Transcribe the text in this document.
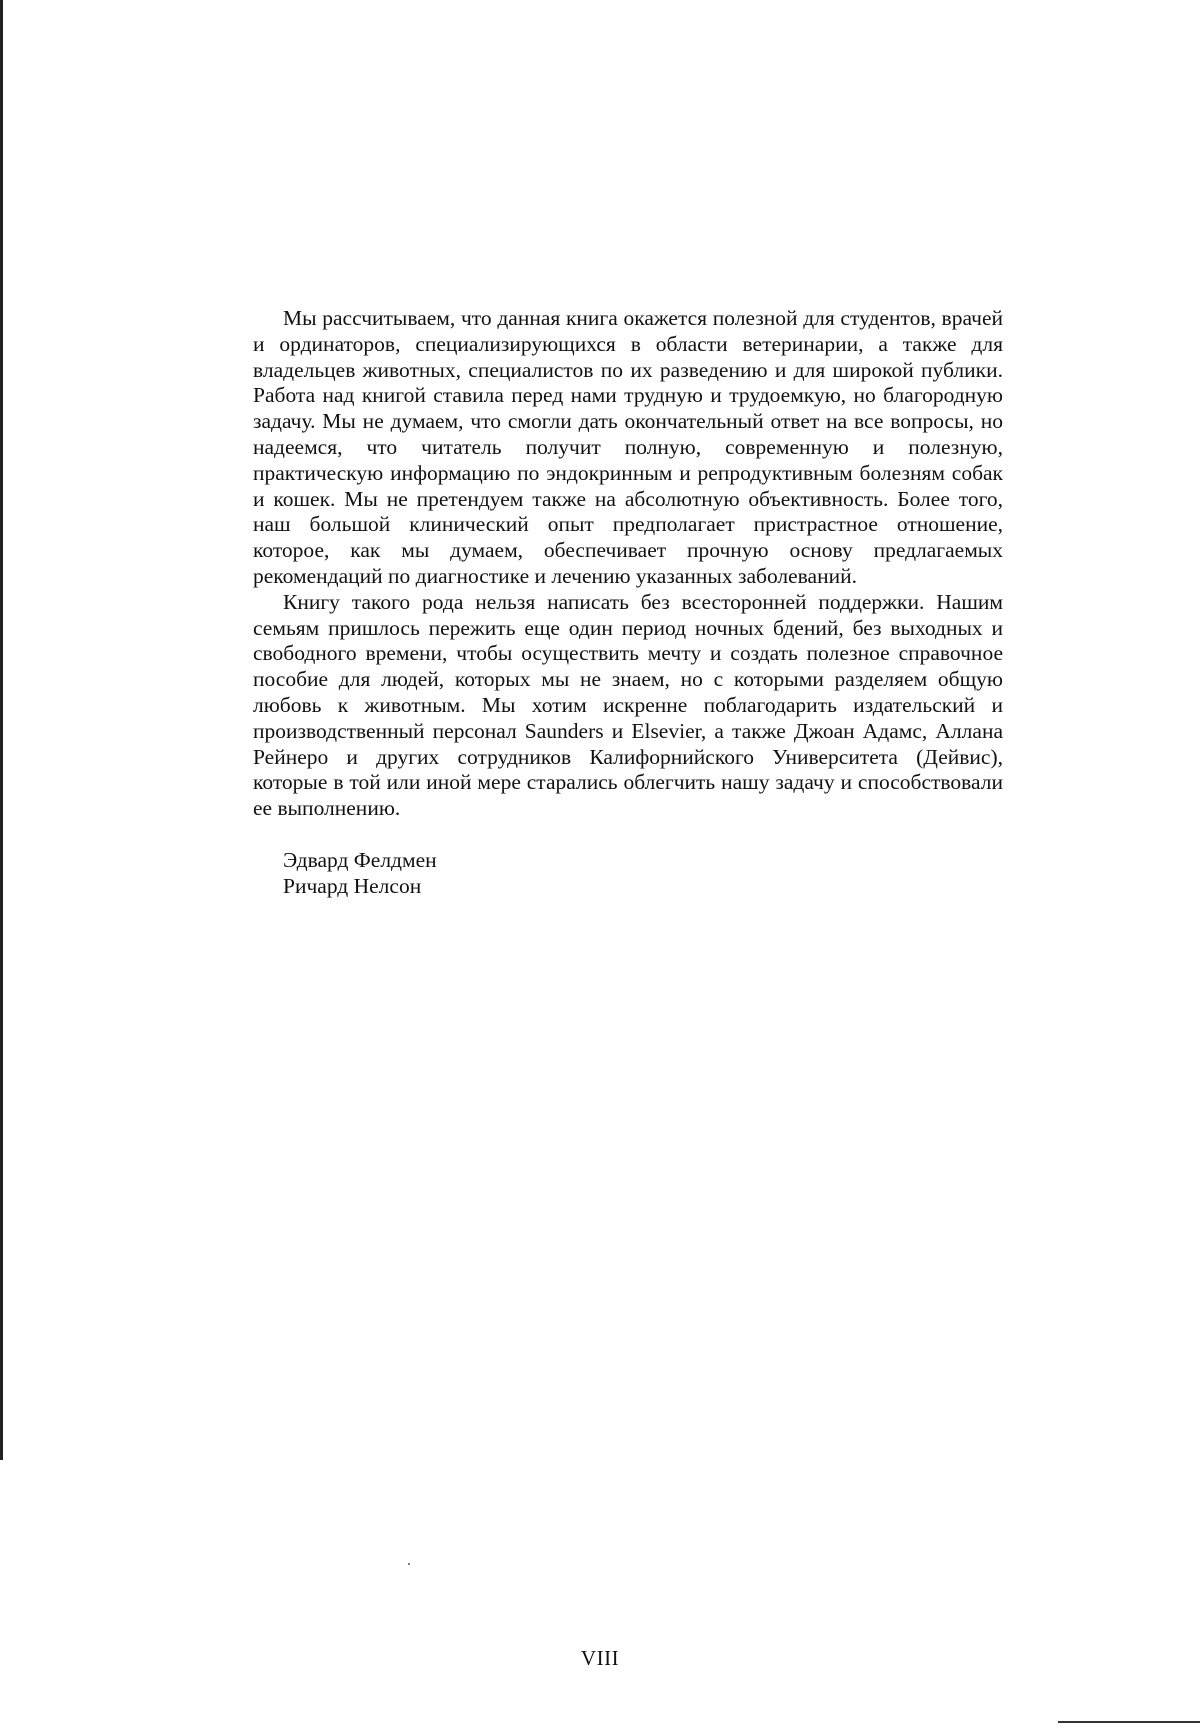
Мы рассчитываем, что данная книга окажется полезной для студентов, врачей и ординаторов, специализирующихся в области ветеринарии, а также для владельцев животных, специалистов по их разведению и для широкой публики. Работа над книгой ставила перед нами трудную и трудоемкую, но благородную задачу. Мы не думаем, что смогли дать окончательный ответ на все вопросы, но надеемся, что читатель получит полную, современную и полезную, практическую информацию по эндокринным и репродуктивным болезням собак и кошек. Мы не претендуем также на абсолютную объективность. Более того, наш большой клинический опыт предполагает пристрастное отношение, которое, как мы думаем, обеспечивает прочную основу предлагаемых рекомендаций по диагностике и лечению указанных заболеваний.

Книгу такого рода нельзя написать без всесторонней поддержки. Нашим семьям пришлось пережить еще один период ночных бдений, без выходных и свободного времени, чтобы осуществить мечту и создать полезное справочное пособие для людей, которых мы не знаем, но с которыми разделяем общую любовь к животным. Мы хотим искренне поблагодарить издательский и производственный персонал Saunders и Elsevier, а также Джоан Адамс, Аллана Рейнеро и других сотрудников Калифорнийского Университета (Дейвис), которые в той или иной мере старались облегчить нашу задачу и способствовали ее выполнению.

Эдвард Фелдмен
Ричард Нелсон
VIII
